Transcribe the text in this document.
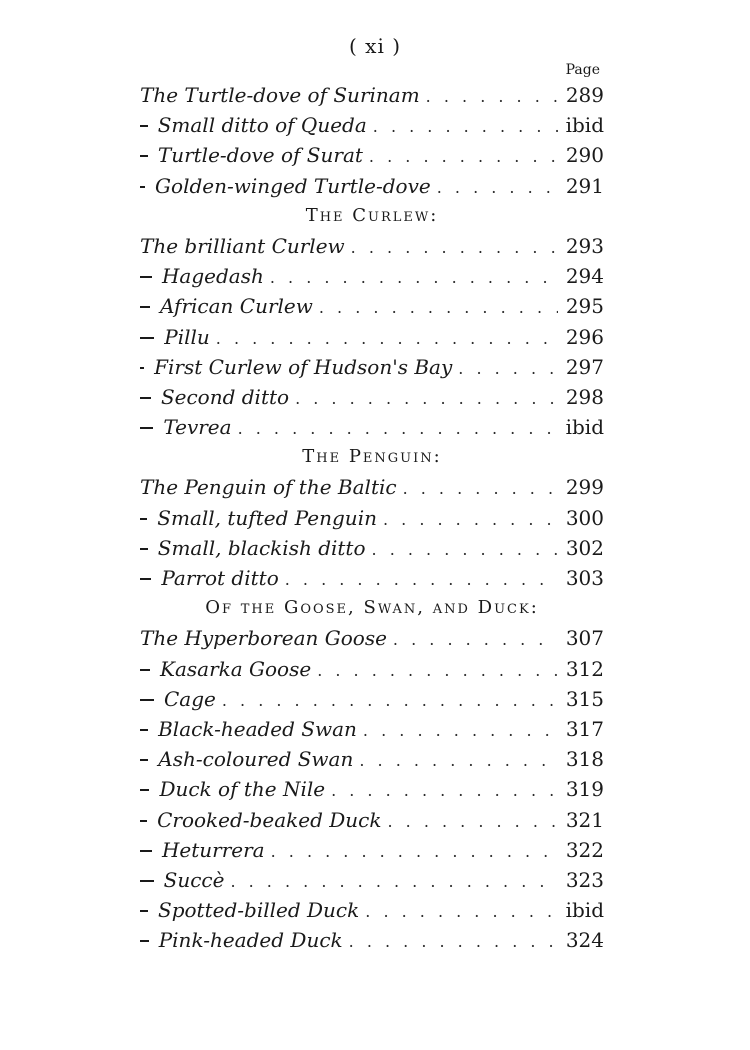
( xi )
Page
The Turtle-dove of Surinam . . .	289
Small ditto of Queda . . .	ibid
Turtle-dove of Surat . . .	290
Golden-winged Turtle-dove . . .	291
The Curlew:
The brilliant Curlew . . .	293
Hagedash . . .	294
African Curlew . . .	295
Pillu . . .	296
First Curlew of Hudson's Bay . . .	297
Second ditto . . .	298
Tevrea . . .	ibid
The Penguin:
The Penguin of the Baltic . . .	299
Small, tufted Penguin . . .	300
Small, blackish ditto . . .	302
Parrot ditto . . .	303
Of the Goose, Swan, and Duck:
The Hyperborean Goose . . .	307
Kasarka Goose . . .	312
Cage . . .	315
Black-headed Swan . . .	317
Ash-coloured Swan . . .	318
Duck of the Nile . . .	319
Crooked-beaked Duck . . .	321
Heturrera . . .	322
Succè . . .	323
Spotted-billed Duck . . .	ibid
Pink-headed Duck . . .	324
